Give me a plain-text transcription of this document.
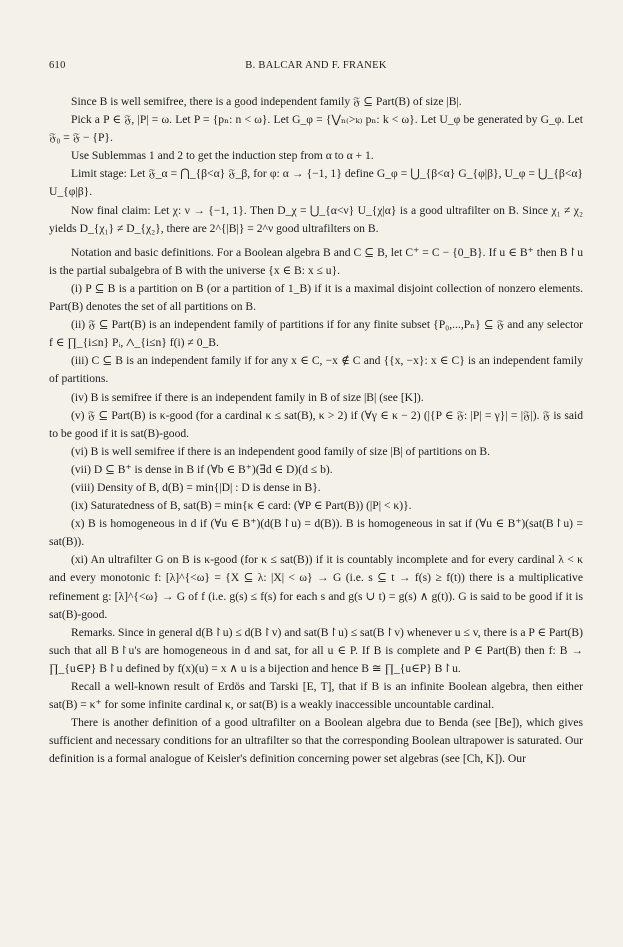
610	B. BALCAR AND F. FRANEK

Since B is well semifree, there is a good independent family 𝔉 ⊆ Part(B) of size |B|.

Pick a P ∈ 𝔉, |P| = ω. Let P = {pₙ: n < ω}. Let G_φ = {⋁ₙ₍>ₖ₎ pₙ: k < ω}. Let U_φ be generated by G_φ. Let 𝔉₀ = 𝔉 − {P}.

Use Sublemmas 1 and 2 to get the induction step from α to α + 1.

Limit stage: Let 𝔉_α = ⋂_{β<α} 𝔉_β, for φ: α → {−1, 1} define G_φ = ⋃_{β<α} G_{φ|β}, U_φ = ⋃_{β<α} U_{φ|β}.

Now final claim: Let χ: ν → {−1, 1}. Then D_χ = ⋃_{α<ν} U_{χ|α} is a good ultrafilter on B. Since χ₁ ≠ χ₂ yields D_{χ₁} ≠ D_{χ₂}, there are 2^{|B|} = 2^ν good ultrafilters on B.

Notation and basic definitions. For a Boolean algebra B and C ⊆ B, let C⁺ = C − {0_B}. If u ∈ B⁺ then B↾u is the partial subalgebra of B with the universe {x ∈ B: x ≤ u}.

(i) P ⊆ B is a partition on B (or a partition of 1_B) if it is a maximal disjoint collection of nonzero elements. Part(B) denotes the set of all partitions on B.

(ii) 𝔉 ⊆ Part(B) is an independent family of partitions if for any finite subset {P₀,...,Pₙ} ⊆ 𝔉 and any selector f ∈ ∏_{i≤n} Pᵢ, ⋀_{i≤n} f(i) ≠ 0_B.

(iii) C ⊆ B is an independent family if for any x ∈ C, −x ∉ C and {{x, −x}: x ∈ C} is an independent family of partitions.

(iv) B is semifree if there is an independent family in B of size |B| (see [K]).

(v) 𝔉 ⊆ Part(B) is κ-good (for a cardinal κ ≤ sat(B), κ > 2) if (∀γ ∈ κ − 2) (|{P ∈ 𝔉: |P| = γ}| = |𝔉|). 𝔉 is said to be good if it is sat(B)-good.

(vi) B is well semifree if there is an independent good family of size |B| of partitions on B.

(vii) D ⊆ B⁺ is dense in B if (∀b ∈ B⁺)(∃d ∈ D)(d ≤ b).

(viii) Density of B, d(B) = min{|D| : D is dense in B}.

(ix) Saturatedness of B, sat(B) = min{κ ∈ card: (∀P ∈ Part(B)) (|P| < κ)}.

(x) B is homogeneous in d if (∀u ∈ B⁺)(d(B↾u) = d(B)). B is homogeneous in sat if (∀u ∈ B⁺)(sat(B↾u) = sat(B)).

(xi) An ultrafilter G on B is κ-good (for κ ≤ sat(B)) if it is countably incomplete and for every cardinal λ < κ and every monotonic f: [λ]^{<ω} = {X ⊆ λ: |X| < ω} → G (i.e. s ⊆ t → f(s) ≥ f(t)) there is a multiplicative refinement g: [λ]^{<ω} → G of f (i.e. g(s) ≤ f(s) for each s and g(s ∪ t) = g(s) ∧ g(t)). G is said to be good if it is sat(B)-good.

Remarks. Since in general d(B↾u) ≤ d(B↾v) and sat(B↾u) ≤ sat(B↾v) whenever u ≤ v, there is a P ∈ Part(B) such that all B↾u's are homogeneous in d and sat, for all u ∈ P. If B is complete and P ∈ Part(B) then f: B → ∏_{u∈P} B↾u defined by f(x)(u) = x ∧ u is a bijection and hence B ≅ ∏_{u∈P} B↾u.

Recall a well-known result of Erdös and Tarski [E, T], that if B is an infinite Boolean algebra, then either sat(B) = κ⁺ for some infinite cardinal κ, or sat(B) is a weakly inaccessible uncountable cardinal.

There is another definition of a good ultrafilter on a Boolean algebra due to Benda (see [Be]), which gives sufficient and necessary conditions for an ultrafilter so that the corresponding Boolean ultrapower is saturated. Our definition is a formal analogue of Keisler's definition concerning power set algebras (see [Ch, K]). Our
